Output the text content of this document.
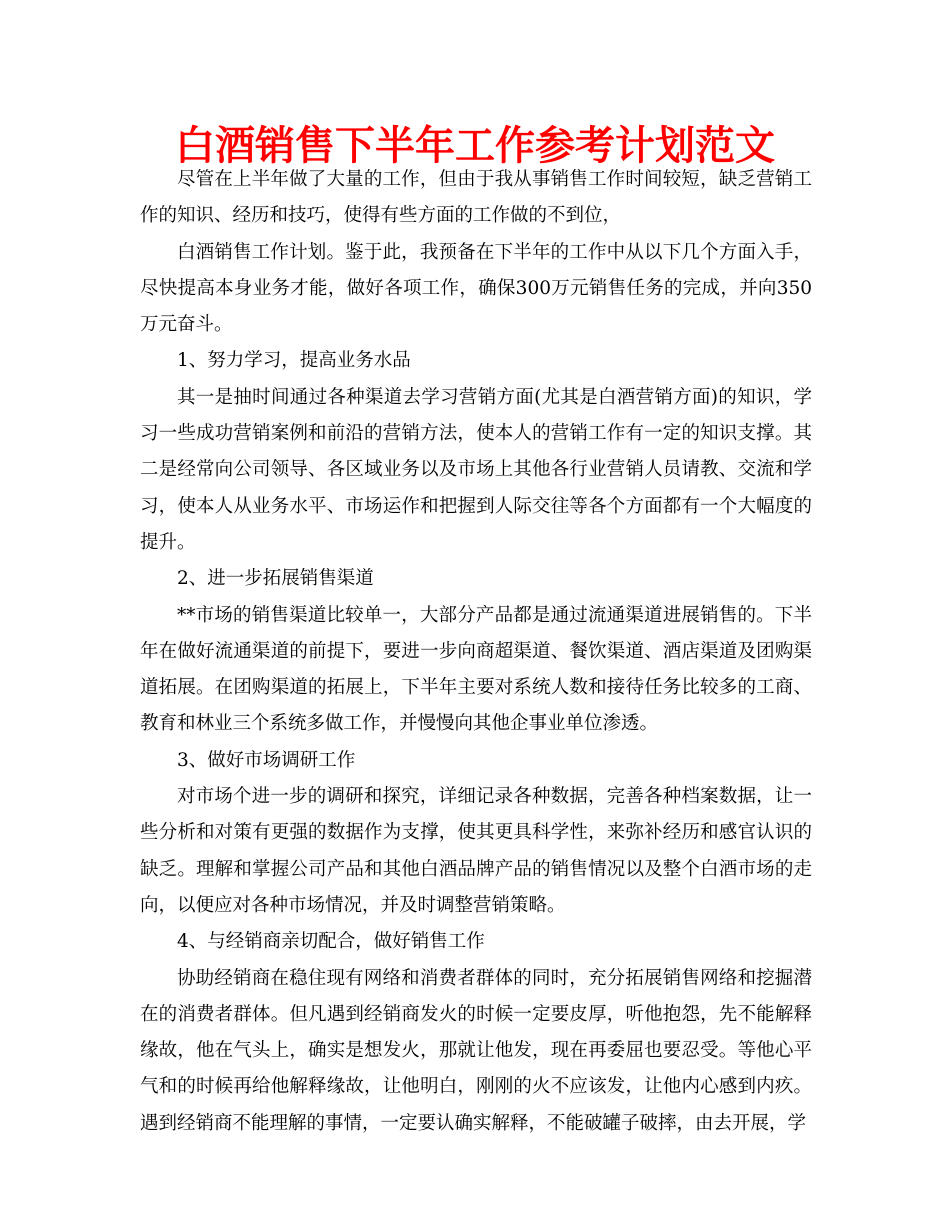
白酒销售下半年工作参考计划范文

尽管在上半年做了大量的工作，但由于我从事销售工作时间较短，缺乏营销工作的知识、经历和技巧，使得有些方面的工作做的不到位，

白酒销售工作计划。鉴于此，我预备在下半年的工作中从以下几个方面入手，尽快提高本身业务才能，做好各项工作，确保300万元销售任务的完成，并向350万元奋斗。

1、努力学习，提高业务水品

其一是抽时间通过各种渠道去学习营销方面(尤其是白酒营销方面)的知识，学习一些成功营销案例和前沿的营销方法，使本人的营销工作有一定的知识支撑。其二是经常向公司领导、各区域业务以及市场上其他各行业营销人员请教、交流和学习，使本人从业务水平、市场运作和把握到人际交往等各个方面都有一个大幅度的提升。

2、进一步拓展销售渠道

**市场的销售渠道比较单一，大部分产品都是通过流通渠道进展销售的。下半年在做好流通渠道的前提下，要进一步向商超渠道、餐饮渠道、酒店渠道及团购渠道拓展。在团购渠道的拓展上，下半年主要对系统人数和接待任务比较多的工商、教育和林业三个系统多做工作，并慢慢向其他企事业单位渗透。

3、做好市场调研工作

对市场个进一步的调研和探究，详细记录各种数据，完善各种档案数据，让一些分析和对策有更强的数据作为支撑，使其更具科学性，来弥补经历和感官认识的缺乏。理解和掌握公司产品和其他白酒品牌产品的销售情况以及整个白酒市场的走向，以便应对各种市场情况，并及时调整营销策略。

4、与经销商亲切配合，做好销售工作

协助经销商在稳住现有网络和消费者群体的同时，充分拓展销售网络和挖掘潜在的消费者群体。但凡遇到经销商发火的时候一定要皮厚，听他抱怨，先不能解释缘故，他在气头上，确实是想发火，那就让他发，现在再委屈也要忍受。等他心平气和的时候再给他解释缘故，让他明白，刚刚的火不应该发，让他内心感到内疚。遇到经销商不能理解的事情，一定要认确实解释，不能破罐子破摔，由去开展，学
